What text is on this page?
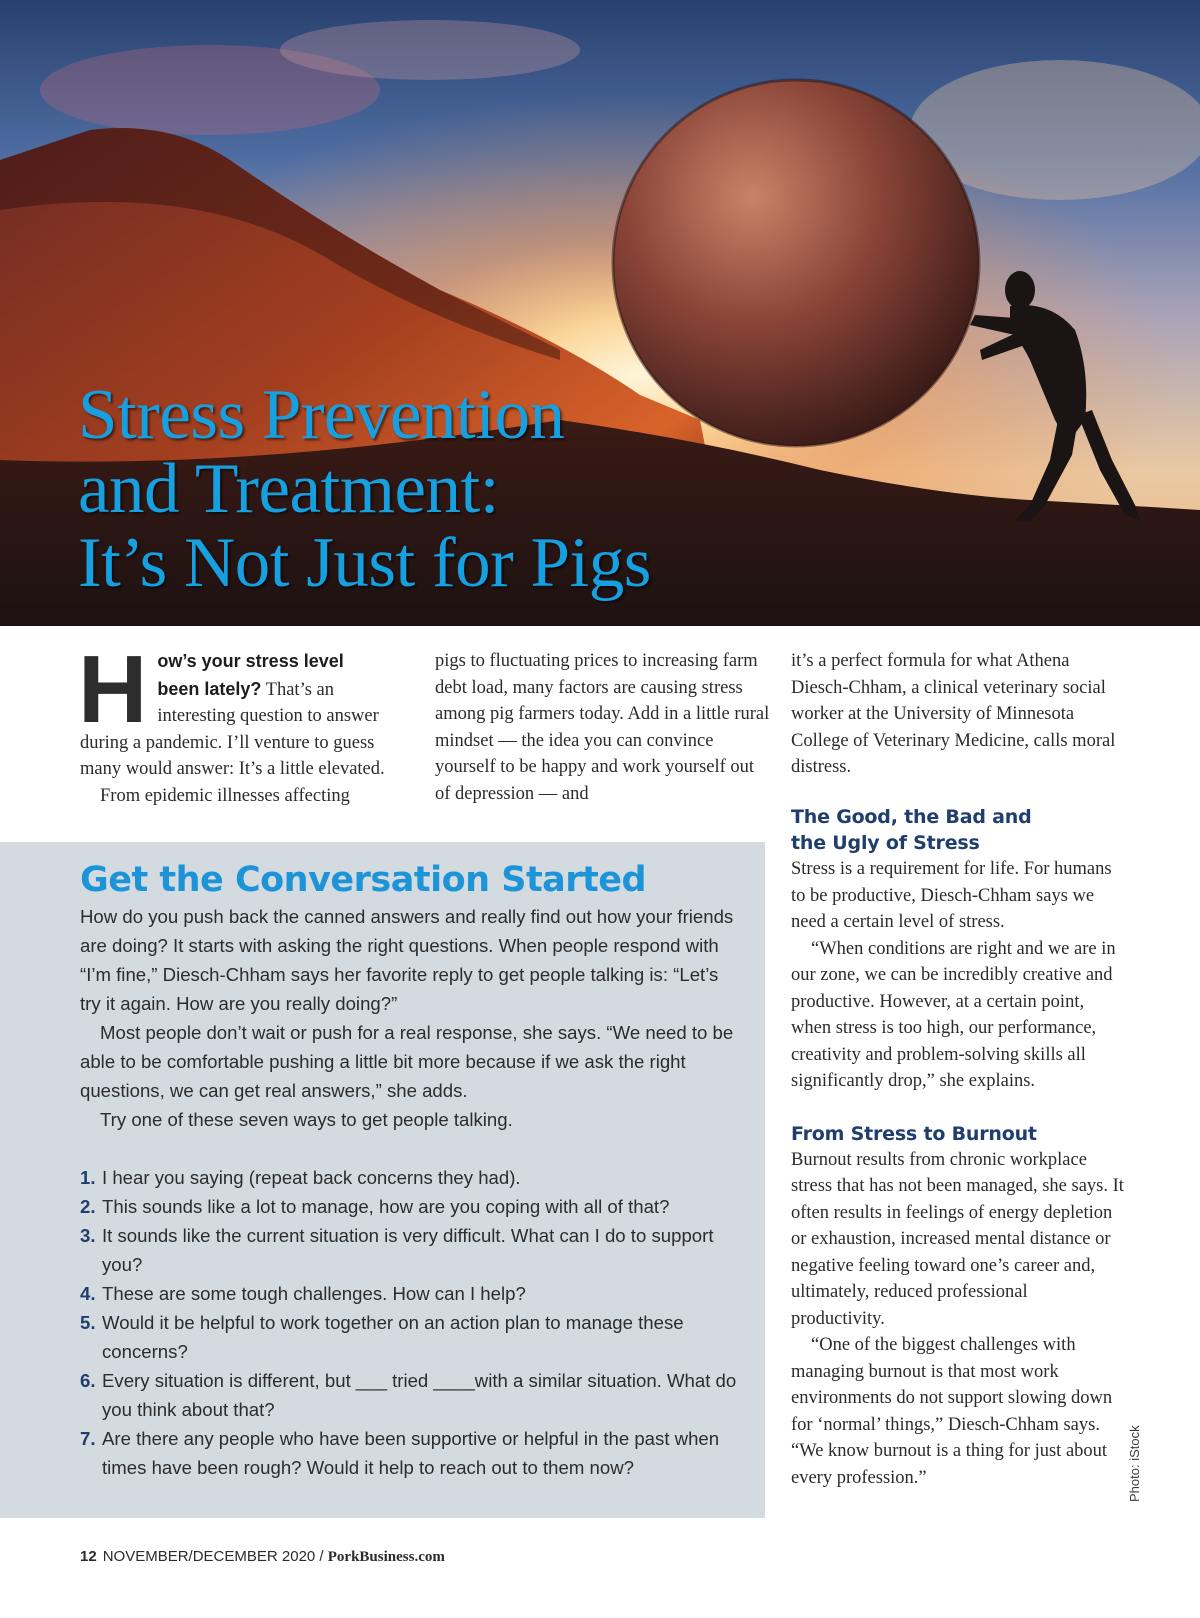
Stress Prevention
and Treatment:
It’s Not Just for Pigs

How’s your stress level been lately? That’s an interesting question to answer during a pandemic. I’ll venture to guess many would answer: It’s a little elevated.

From epidemic illnesses affecting

pigs to fluctuating prices to increasing farm debt load, many factors are causing stress among pig farmers today. Add in a little rural mindset — the idea you can convince yourself to be happy and work yourself out of depression — and

it’s a perfect formula for what Athena Diesch-Chham, a clinical veterinary social worker at the University of Minnesota College of Veterinary Medicine, calls moral distress.

Get the Conversation Started

How do you push back the canned answers and really find out how your friends are doing? It starts with asking the right questions. When people respond with “I’m fine,” Diesch-Chham says her favorite reply to get people talking is: “Let’s try it again. How are you really doing?”

Most people don’t wait or push for a real response, she says. “We need to be able to be comfortable pushing a little bit more because if we ask the right questions, we can get real answers,” she adds.

Try one of these seven ways to get people talking.

1. I hear you saying (repeat back concerns they had).
2. This sounds like a lot to manage, how are you coping with all of that?
3. It sounds like the current situation is very difficult. What can I do to support you?
4. These are some tough challenges. How can I help?
5. Would it be helpful to work together on an action plan to manage these concerns?
6. Every situation is different, but ___ tried ____with a similar situation. What do you think about that?
7. Are there any people who have been supportive or helpful in the past when times have been rough? Would it help to reach out to them now?
The Good, the Bad and
the Ugly of Stress

Stress is a requirement for life. For humans to be productive, Diesch-Chham says we need a certain level of stress.

“When conditions are right and we are in our zone, we can be incredibly creative and productive. However, at a certain point, when stress is too high, our performance, creativity and problem-solving skills all significantly drop,” she explains.

From Stress to Burnout

Burnout results from chronic workplace stress that has not been managed, she says. It often results in feelings of energy depletion or exhaustion, increased mental distance or negative feeling toward one’s career and, ultimately, reduced professional productivity.

“One of the biggest challenges with managing burnout is that most work environments do not support slowing down for ‘normal’ things,” Diesch-Chham says. “We know burnout is a thing for just about every profession.”	Photo: iStock
12 NOVEMBER/DECEMBER 2020 / PorkBusiness.com
